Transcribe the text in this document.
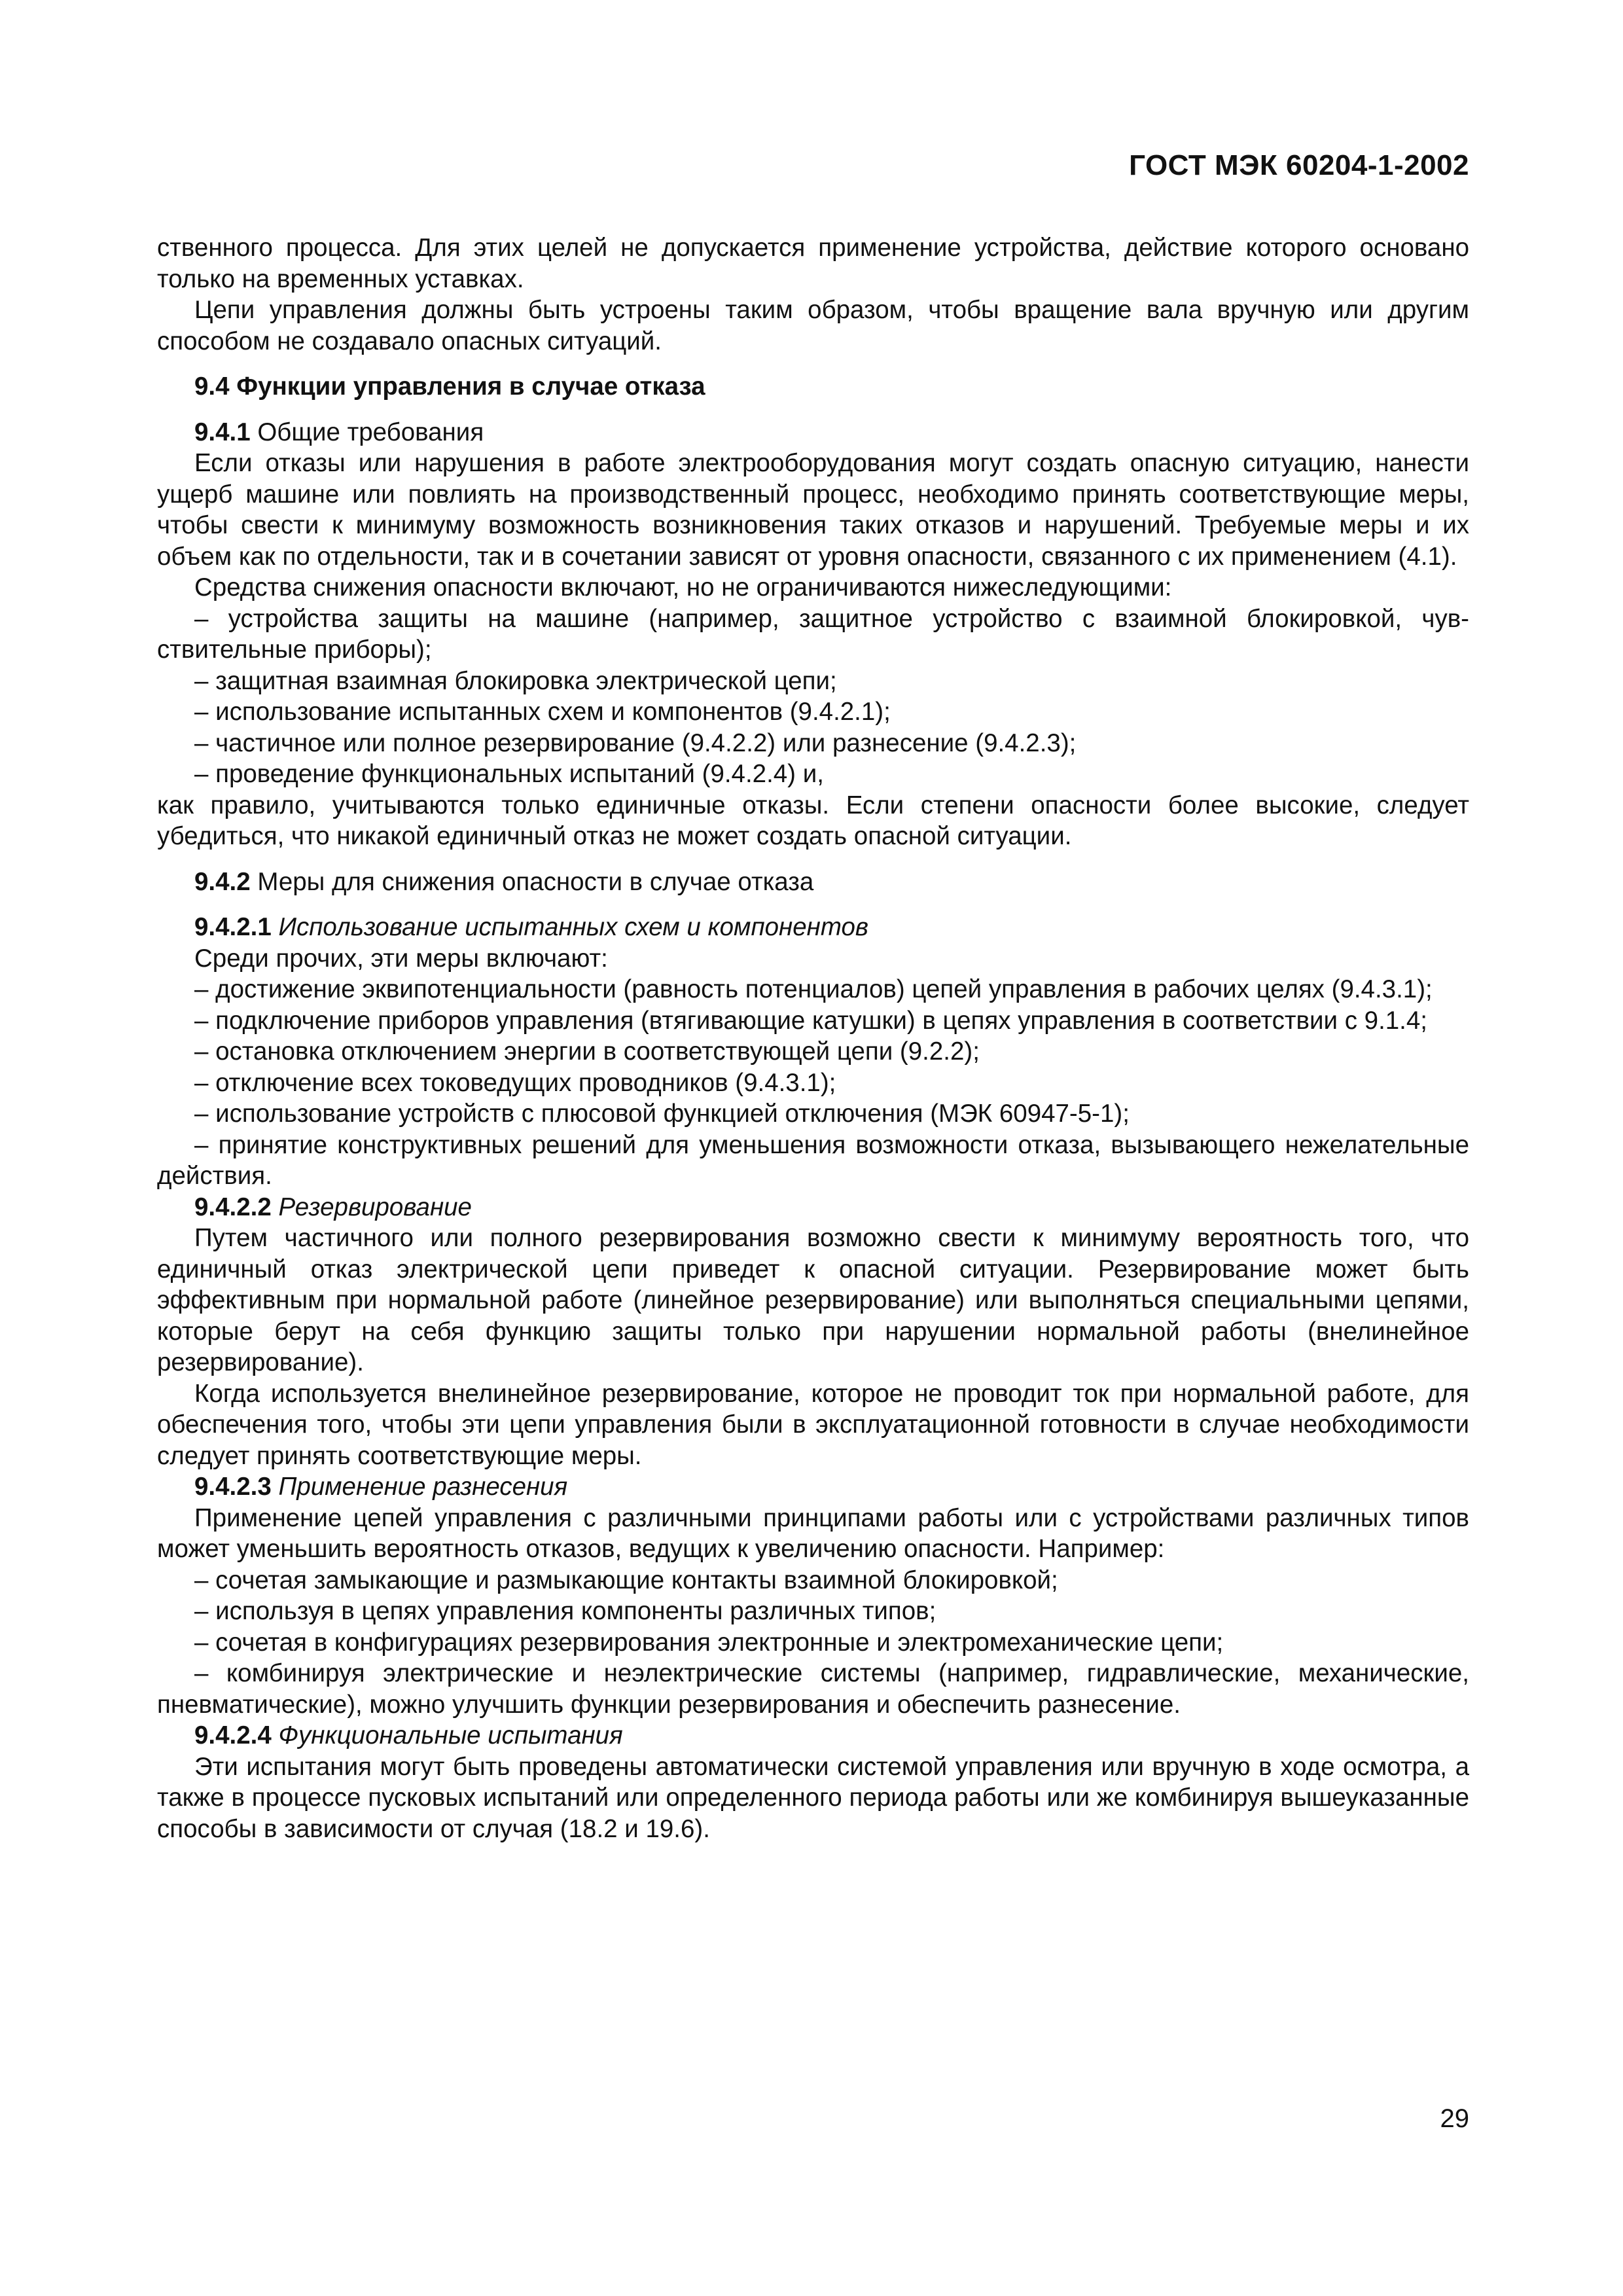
ГОСТ МЭК 60204-1-2002

ственного процесса. Для этих целей не допускается применение устройства, действие которого основано только на временных уставках.

Цепи управления должны быть устроены таким образом, чтобы вращение вала вручную или другим способом не создавало опасных ситуаций.

9.4 Функции управления в случае отказа

9.4.1 Общие требования

Если отказы или нарушения в работе электрооборудования могут создать опасную ситуацию, нанести ущерб машине или повлиять на производственный процесс, необходимо принять соответствующие меры, чтобы свести к минимуму возможность возникновения таких отказов и нарушений. Требуемые меры и их объем как по отдельности, так и в сочетании зависят от уровня опасности, связанного с их применением (4.1).

Средства снижения опасности включают, но не ограничиваются нижеследующими:

– устройства защиты на машине (например, защитное устройство с взаимной блокировкой, чувствительные приборы);

– защитная взаимная блокировка электрической цепи;

– использование испытанных схем и компонентов (9.4.2.1);

– частичное или полное резервирование (9.4.2.2) или разнесение (9.4.2.3);

– проведение функциональных испытаний (9.4.2.4) и,

как правило, учитываются только единичные отказы. Если степени опасности более высокие, следует убедиться, что никакой единичный отказ не может создать опасной ситуации.

9.4.2 Меры для снижения опасности в случае отказа

9.4.2.1 Использование испытанных схем и компонентов

Среди прочих, эти меры включают:

– достижение эквипотенциальности (равность потенциалов) цепей управления в рабочих целях (9.4.3.1);

– подключение приборов управления (втягивающие катушки) в цепях управления в соответствии с 9.1.4;

– остановка отключением энергии в соответствующей цепи (9.2.2);

– отключение всех токоведущих проводников (9.4.3.1);

– использование устройств с плюсовой функцией отключения (МЭК 60947-5-1);

– принятие конструктивных решений для уменьшения возможности отказа, вызывающего нежелательные действия.

9.4.2.2 Резервирование

Путем частичного или полного резервирования возможно свести к минимуму вероятность того, что единичный отказ электрической цепи приведет к опасной ситуации. Резервирование может быть эффективным при нормальной работе (линейное резервирование) или выполняться специальными цепями, которые берут на себя функцию защиты только при нарушении нормальной работы (внелинейное резервирование).

Когда используется внелинейное резервирование, которое не проводит ток при нормальной работе, для обеспечения того, чтобы эти цепи управления были в эксплуатационной готовности в случае необходимости следует принять соответствующие меры.

9.4.2.3 Применение разнесения

Применение цепей управления с различными принципами работы или с устройствами различных типов может уменьшить вероятность отказов, ведущих к увеличению опасности. Например:

– сочетая замыкающие и размыкающие контакты взаимной блокировкой;

– используя в цепях управления компоненты различных типов;

– сочетая в конфигурациях резервирования электронные и электромеханические цепи;

– комбинируя электрические и неэлектрические системы (например, гидравлические, механические, пневматические), можно улучшить функции резервирования и обеспечить разнесение.

9.4.2.4 Функциональные испытания

Эти испытания могут быть проведены автоматически системой управления или вручную в ходе осмотра, а также в процессе пусковых испытаний или определенного периода работы или же комбинируя вышеуказанные способы в зависимости от случая (18.2 и 19.6).

29
